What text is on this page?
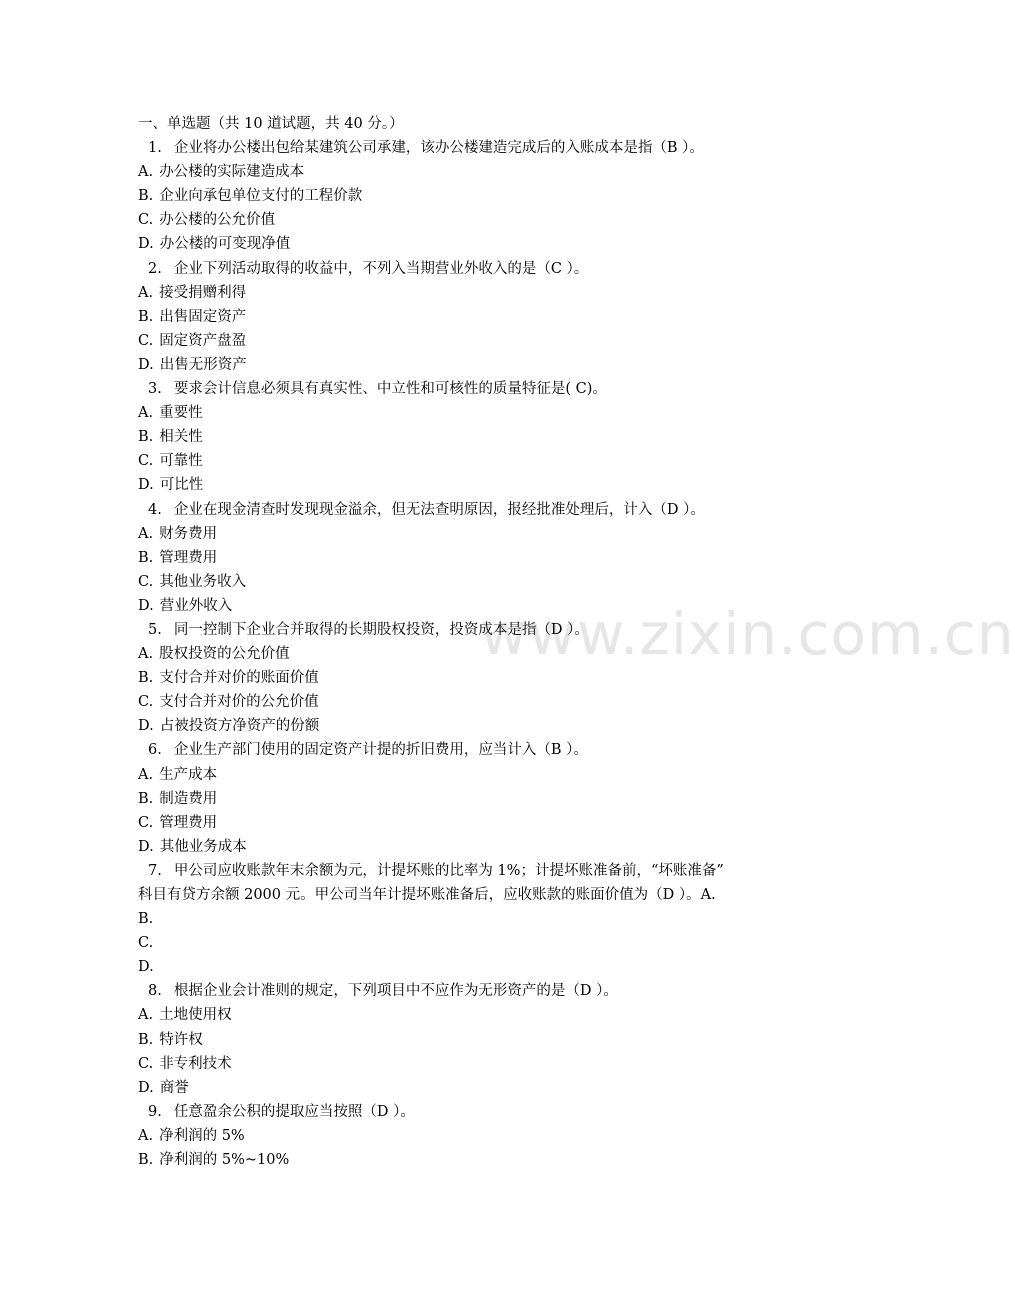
www.zixin.com.cn
一、单选题（共 10 道试题，共 40 分。）
1. 企业将办公楼出包给某建筑公司承建，该办公楼建造完成后的入账成本是指（B ）。
A. 办公楼的实际建造成本
B. 企业向承包单位支付的工程价款
C. 办公楼的公允价值
D. 办公楼的可变现净值
2. 企业下列活动取得的收益中，不列入当期营业外收入的是（C ）。
A. 接受捐赠利得
B. 出售固定资产
C. 固定资产盘盈
D. 出售无形资产
3. 要求会计信息必须具有真实性、中立性和可核性的质量特征是( C)。
A. 重要性
B. 相关性
C. 可靠性
D. 可比性
4. 企业在现金清查时发现现金溢余，但无法查明原因，报经批准处理后，计入（D ）。
A. 财务费用
B. 管理费用
C. 其他业务收入
D. 营业外收入
5. 同一控制下企业合并取得的长期股权投资，投资成本是指（D ）。
A. 股权投资的公允价值
B. 支付合并对价的账面价值
C. 支付合并对价的公允价值
D. 占被投资方净资产的份额
6. 企业生产部门使用的固定资产计提的折旧费用，应当计入（B ）。
A. 生产成本
B. 制造费用
C. 管理费用
D. 其他业务成本
7. 甲公司应收账款年末余额为元，计提坏账的比率为 1%；计提坏账准备前，“坏账准备”
科目有贷方余额 2000 元。甲公司当年计提坏账准备后，应收账款的账面价值为（D ）。A.
B.
C.
D.
8. 根据企业会计准则的规定，下列项目中不应作为无形资产的是（D ）。
A. 土地使用权
B. 特许权
C. 非专利技术
D. 商誉
9. 任意盈余公积的提取应当按照（D ）。
A. 净利润的 5%
B. 净利润的 5%~10%
